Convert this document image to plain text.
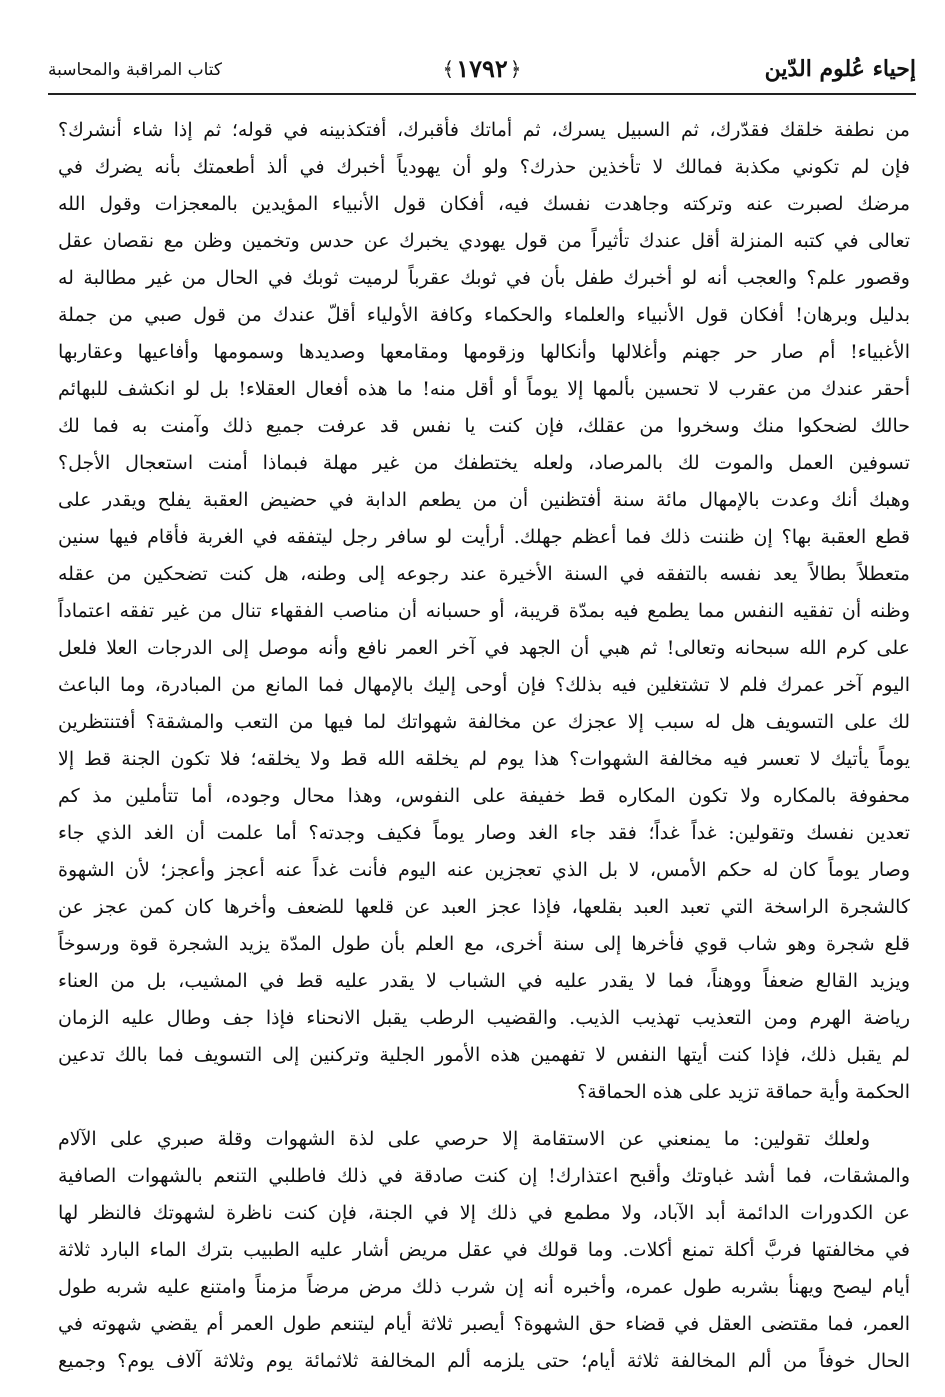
إحياء عُلوم الدّين
﴿١٧٩٢﴾
كتاب المراقبة والمحاسبة
من نطفة خلقك فقدّرك، ثم السبيل يسرك، ثم أماتك فأقبرك، أفتكذبينه في قوله؛ ثم إذا شاء أنشرك؟
فإن لم تكوني مكذبة فمالك لا تأخذين حذرك؟ ولو أن يهودياً أخبرك في ألذ أطعمتك بأنه يضرك في
مرضك لصبرت عنه وتركته وجاهدت نفسك فيه، أفكان قول الأنبياء المؤيدين بالمعجزات وقول الله
تعالى في كتبه المنزلة أقل عندك تأثيراً من قول يهودي يخبرك عن حدس وتخمين وظن مع نقصان عقل
وقصور علم؟ والعجب أنه لو أخبرك طفل بأن في ثوبك عقرباً لرميت ثوبك في الحال من غير مطالبة له
بدليل وبرهان! أفكان قول الأنبياء والعلماء والحكماء وكافة الأولياء أقلّ عندك من قول صبي من جملة
الأغبياء! أم صار حر جهنم وأغلالها وأنكالها وزقومها ومقامعها وصديدها وسمومها وأفاعيها وعقاربها
أحقر عندك من عقرب لا تحسين بألمها إلا يوماً أو أقل منه! ما هذه أفعال العقلاء! بل لو انكشف للبهائم
حالك لضحكوا منك وسخروا من عقلك، فإن كنت يا نفس قد عرفت جميع ذلك وآمنت به فما لك
تسوفين العمل والموت لك بالمرصاد، ولعله يختطفك من غير مهلة فبماذا أمنت استعجال الأجل؟
وهبك أنك وعدت بالإمهال مائة سنة أفتظنين أن من يطعم الدابة في حضيض العقبة يفلح ويقدر على
قطع العقبة بها؟ إن ظننت ذلك فما أعظم جهلك. أرأيت لو سافر رجل ليتفقه في الغربة فأقام فيها سنين
متعطلاً بطالاً يعد نفسه بالتفقه في السنة الأخيرة عند رجوعه إلى وطنه، هل كنت تضحكين من عقله
وظنه أن تفقيه النفس مما يطمع فيه بمدّة قريبة، أو حسبانه أن مناصب الفقهاء تنال من غير تفقه اعتماداً
على كرم الله سبحانه وتعالى! ثم هبي أن الجهد في آخر العمر نافع وأنه موصل إلى الدرجات العلا فلعل
اليوم آخر عمرك فلم لا تشتغلين فيه بذلك؟ فإن أوحى إليك بالإمهال فما المانع من المبادرة، وما الباعث
لك على التسويف هل له سبب إلا عجزك عن مخالفة شهواتك لما فيها من التعب والمشقة؟ أفتنتظرين
يوماً يأتيك لا تعسر فيه مخالفة الشهوات؟ هذا يوم لم يخلقه الله قط ولا يخلقه؛ فلا تكون الجنة قط إلا
محفوفة بالمكاره ولا تكون المكاره قط خفيفة على النفوس، وهذا محال وجوده، أما تتأملين مذ كم
تعدين نفسك وتقولين: غداً غداً؛ فقد جاء الغد وصار يوماً فكيف وجدته؟ أما علمت أن الغد الذي جاء
وصار يوماً كان له حكم الأمس، لا بل الذي تعجزين عنه اليوم فأنت غداً عنه أعجز وأعجز؛ لأن الشهوة
كالشجرة الراسخة التي تعبد العبد بقلعها، فإذا عجز العبد عن قلعها للضعف وأخرها كان كمن عجز عن
قلع شجرة وهو شاب قوي فأخرها إلى سنة أخرى، مع العلم بأن طول المدّة يزيد الشجرة قوة ورسوخاً
ويزيد القالع ضعفاً ووهناً، فما لا يقدر عليه في الشباب لا يقدر عليه قط في المشيب، بل من العناء
رياضة الهرم ومن التعذيب تهذيب الذيب. والقضيب الرطب يقبل الانحناء فإذا جف وطال عليه الزمان
لم يقبل ذلك، فإذا كنت أيتها النفس لا تفهمين هذه الأمور الجلية وتركنين إلى التسويف فما بالك تدعين
الحكمة وأية حماقة تزيد على هذه الحماقة؟
ولعلك تقولين: ما يمنعني عن الاستقامة إلا حرصي على لذة الشهوات وقلة صبري على الآلام
والمشقات، فما أشد غباوتك وأقبح اعتذارك! إن كنت صادقة في ذلك فاطلبي التنعم بالشهوات الصافية
عن الكدورات الدائمة أبد الآباد، ولا مطمع في ذلك إلا في الجنة، فإن كنت ناظرة لشهوتك فالنظر لها
في مخالفتها فربَّ أكلة تمنع أكلات. وما قولك في عقل مريض أشار عليه الطبيب بترك الماء البارد ثلاثة
أيام ليصح ويهنأ بشربه طول عمره، وأخبره أنه إن شرب ذلك مرض مرضاً مزمناً وامتنع عليه شربه طول
العمر، فما مقتضى العقل في قضاء حق الشهوة؟ أيصبر ثلاثة أيام ليتنعم طول العمر أم يقضي شهوته في
الحال خوفاً من ألم المخالفة ثلاثة أيام؛ حتى يلزمه ألم المخالفة ثلاثمائة يوم وثلاثة آلاف يوم؟ وجميع
